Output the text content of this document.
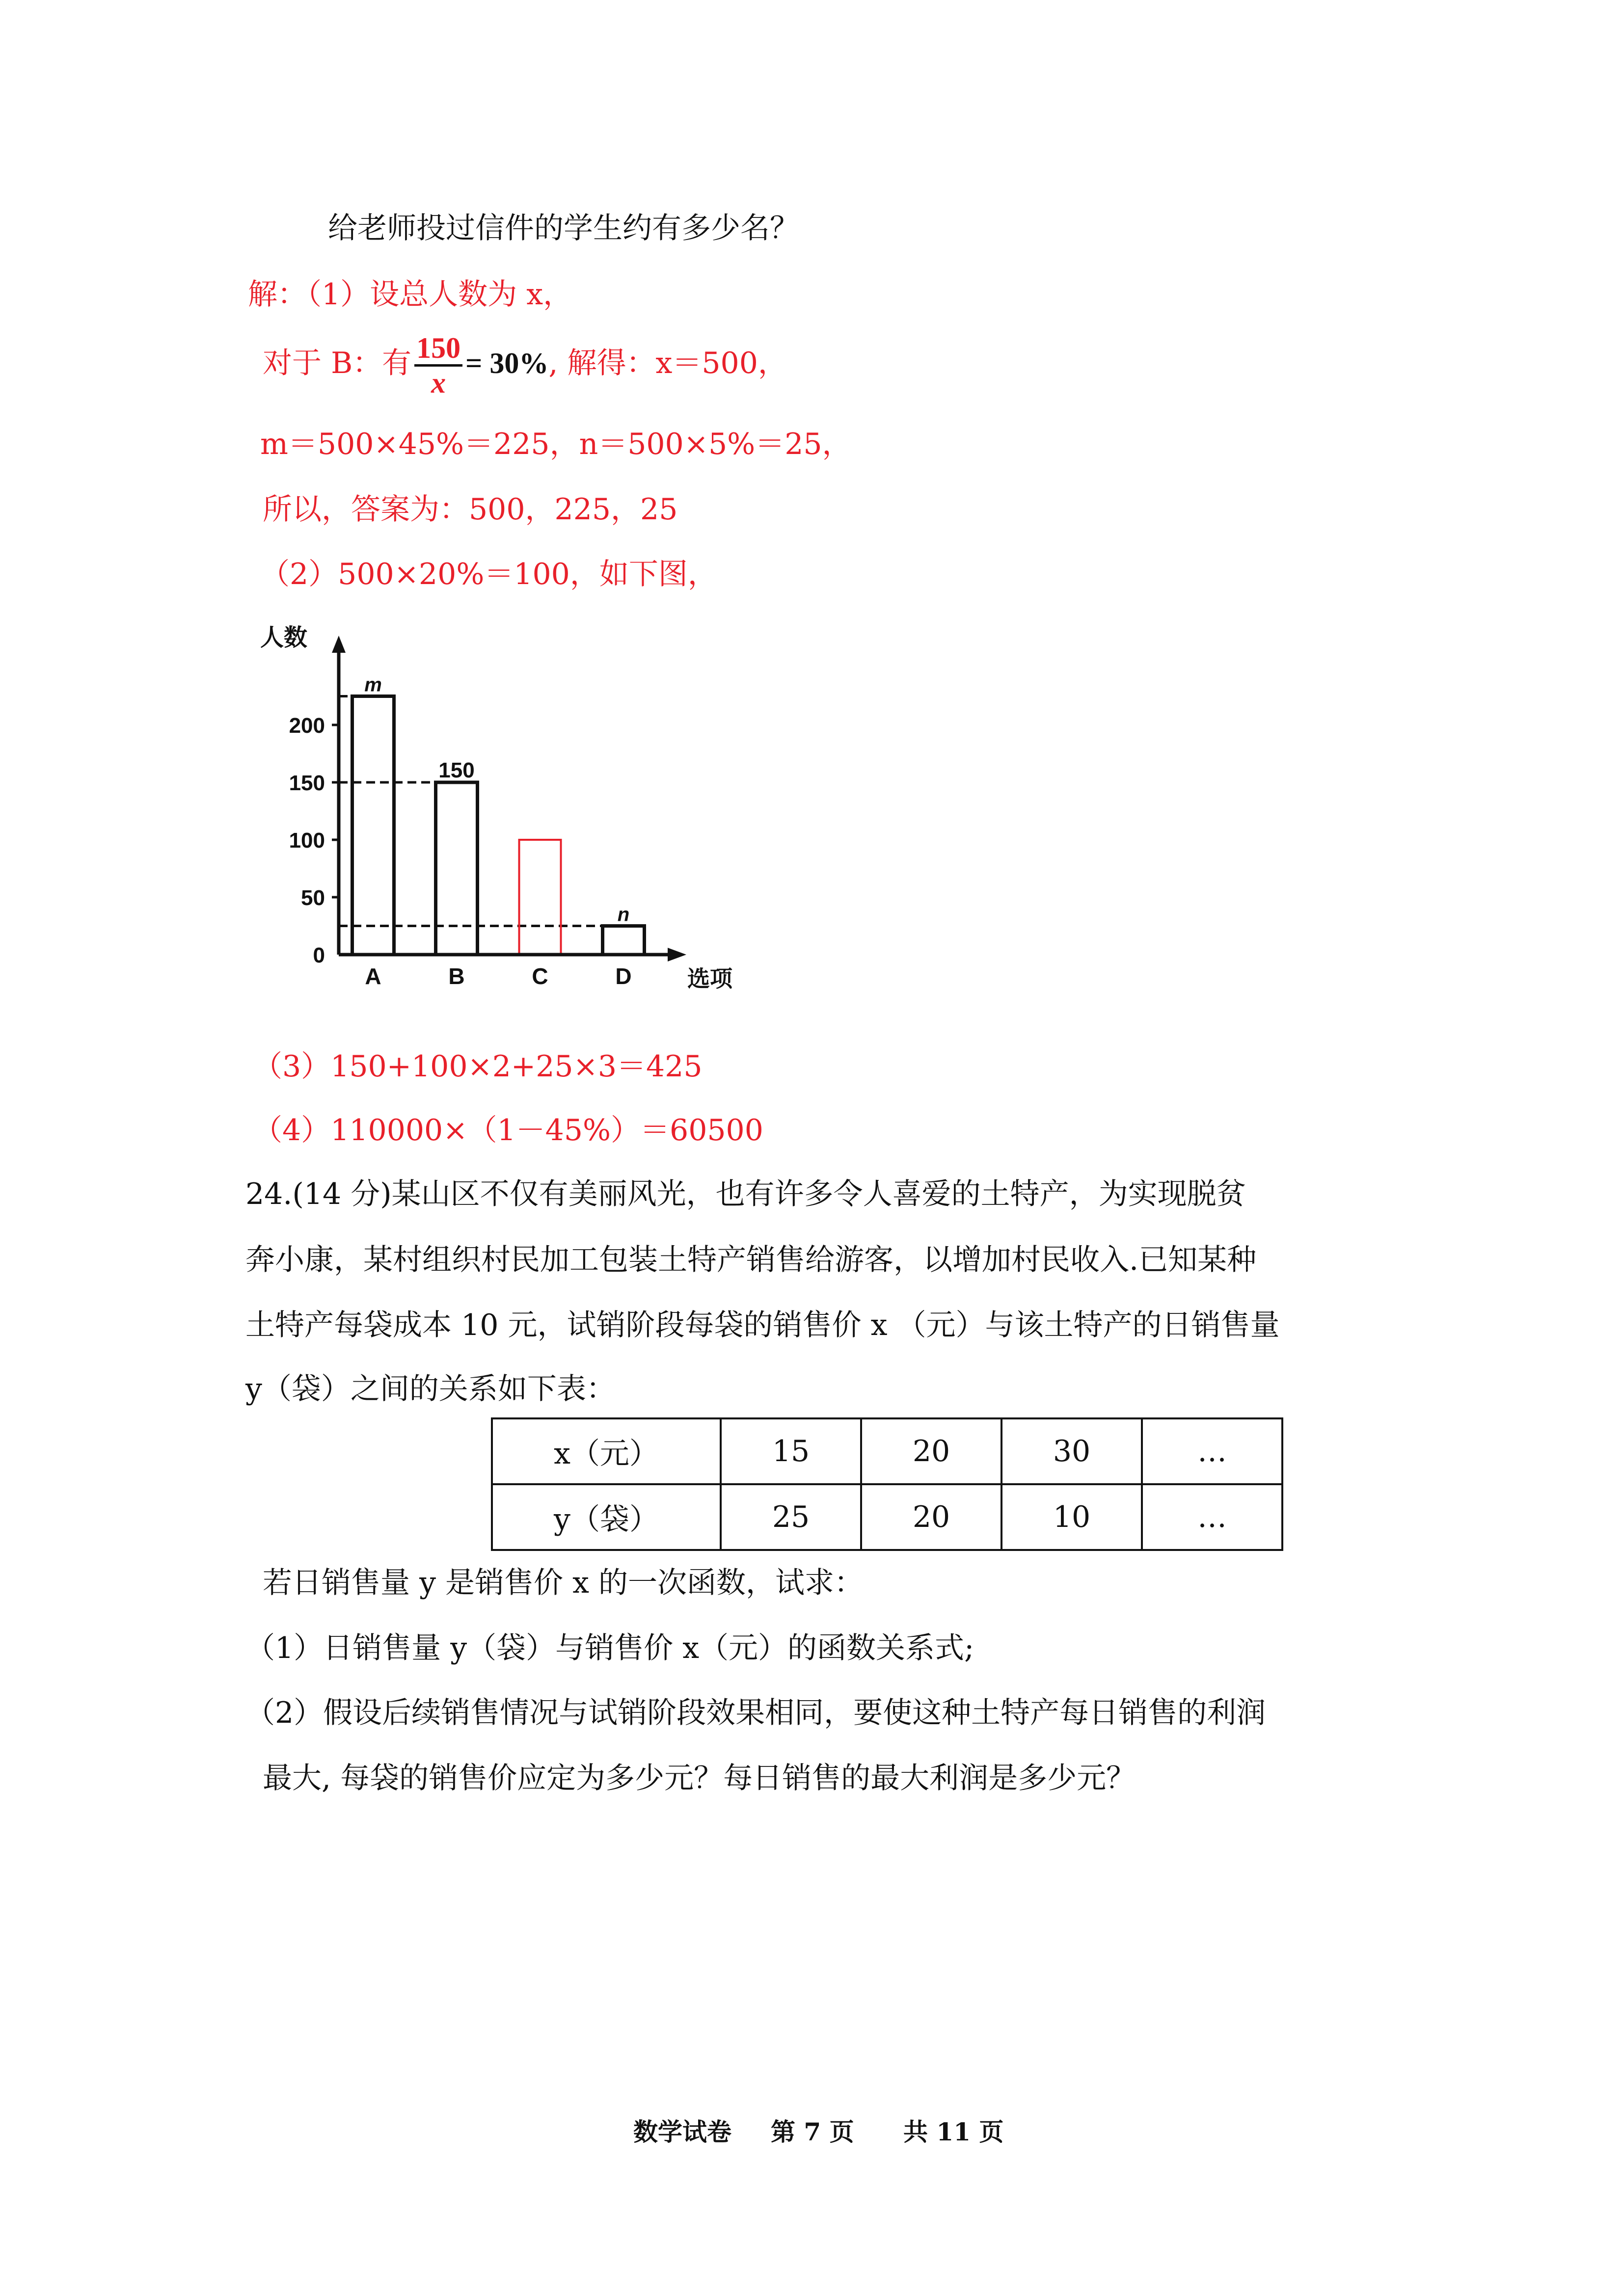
给老师投过信件的学生约有多少名？
解：（1）设总人数为 x，
对于 B：有 $\frac{150}{x} = 30\%$, 解得：x＝500，
m＝500×45%＝225，n＝500×5%＝25，
所以，答案为：500，225，25
（2）500×20%＝100，如下图，
A
m
B
150
C	D
n
0
50
100
150
200
人数
选项
（3）150+100×2+25×3＝425
（4）110000×（1－45%）＝60500
24.(14 分)某山区不仅有美丽风光，也有许多令人喜爱的土特产，为实现脱贫
奔小康，某村组织村民加工包装土特产销售给游客，以增加村民收入.已知某种
土特产每袋成本 10 元，试销阶段每袋的销售价 x （元）与该土特产的日销售量
y（袋）之间的关系如下表：
x（元）	15	20	30	…
y（袋）	25	20	10	…
若日销售量 y 是销售价 x 的一次函数，试求：
（1）日销售量 y（袋）与销售价 x（元）的函数关系式;
（2）假设后续销售情况与试销阶段效果相同，要使这种土特产每日销售的利润
最大, 每袋的销售价应定为多少元？每日销售的最大利润是多少元？
数学试卷 第 7 页 共 11 页
